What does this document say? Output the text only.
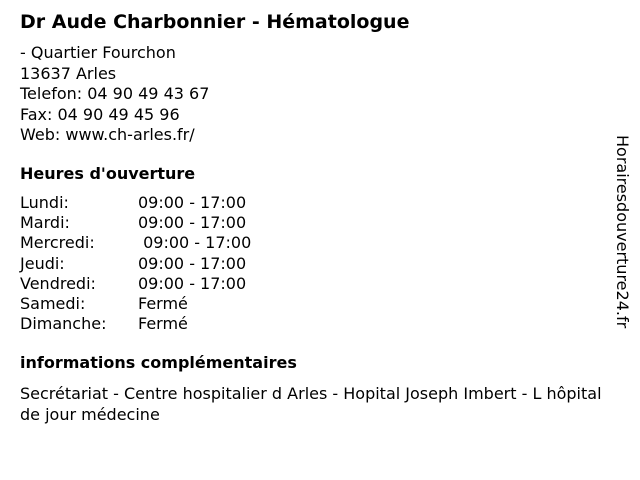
Dr Aude Charbonnier - Hématologue
- Quartier Fourchon
13637 Arles
Telefon: 04 90 49 43 67
Fax: 04 90 49 45 96
Web: www.ch-arles.fr/
Heures d'ouverture
Lundi:	09:00 - 17:00
Mardi:	09:00 - 17:00
Mercredi:	09:00 - 17:00
Jeudi:	09:00 - 17:00
Vendredi:	09:00 - 17:00
Samedi:	Fermé
Dimanche: Fermé
informations complémentaires
Secrétariat - Centre hospitalier d Arles - Hopital Joseph Imbert - L hôpital de jour médecine
Horairesdouverture24.fr
